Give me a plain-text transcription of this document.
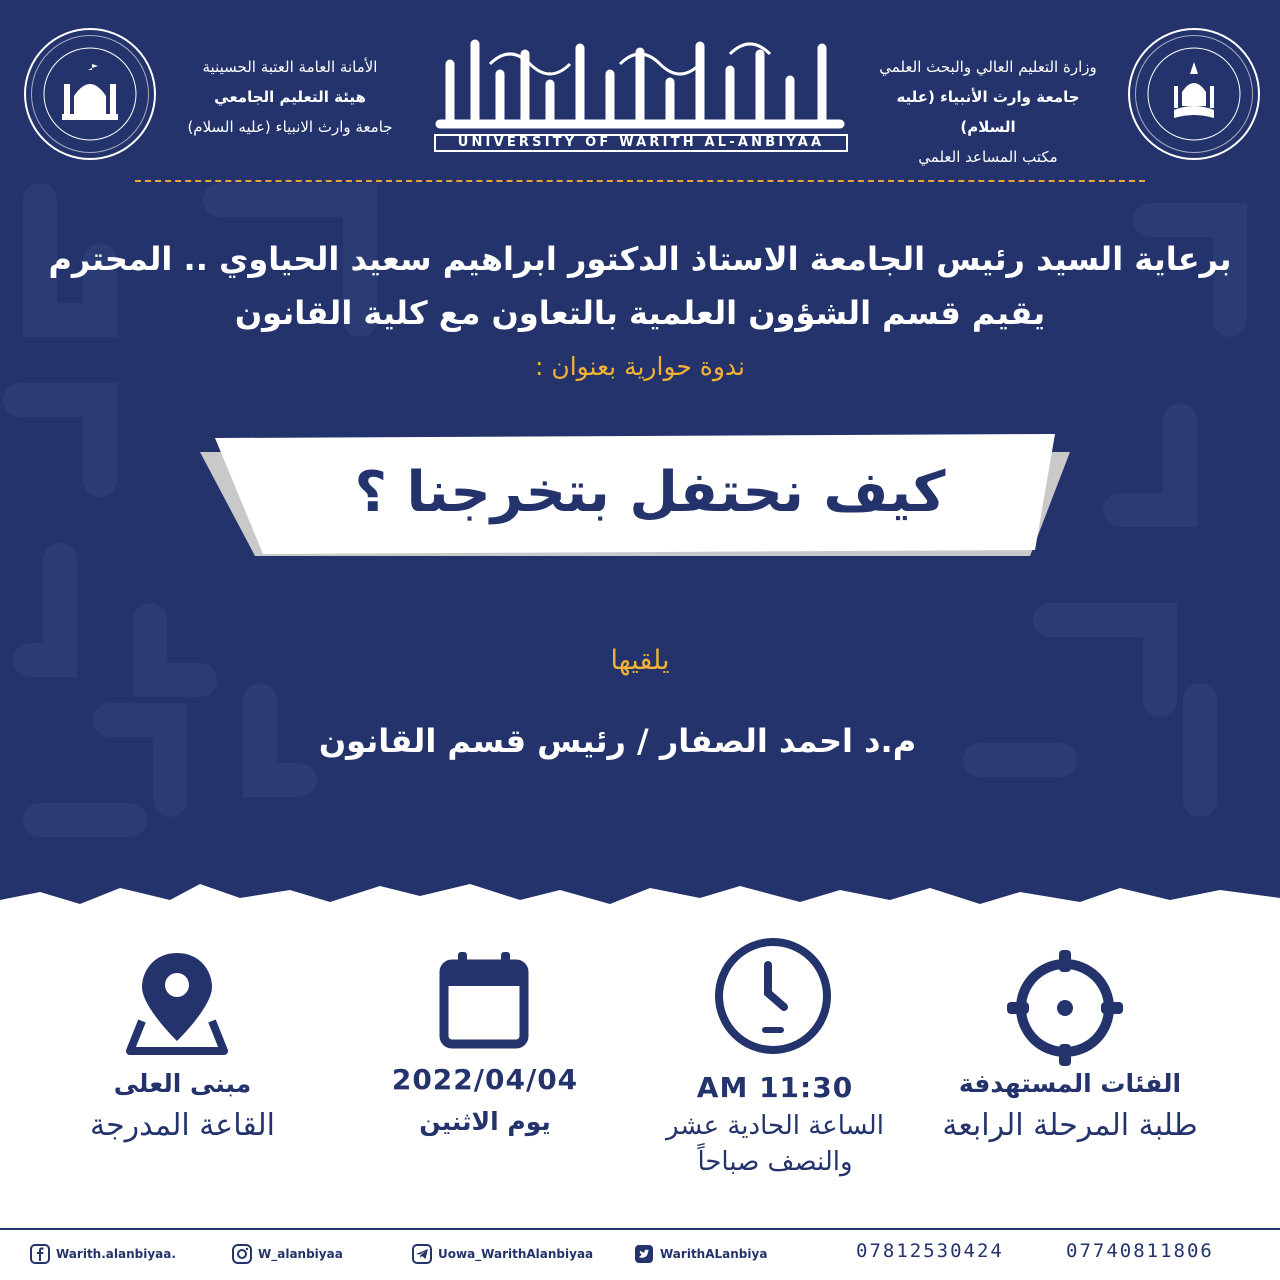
الأمانة العامة العتبة الحسينية
هيئة التعليم الجامعي
جامعة وارث الانبياء (عليه السلام)
وزارة التعليم العالي والبحث العلمي
جامعة وارث الأنبياء (عليه السلام)
مكتب المساعد العلمي
UNIVERSITY OF WARITH AL-ANBIYAA
برعاية السيد رئيس الجامعة الاستاذ الدكتور ابراهيم سعيد الحياوي .. المحترم
يقيم قسم الشؤون العلمية بالتعاون مع كلية القانون
ندوة حوارية بعنوان :
كيف نحتفل بتخرجنا ؟
يلقيها
م.د احمد الصفار / رئيس قسم القانون
مبنى العلى
القاعة المدرجة
2022/04/04
يوم الاثنين
11:30 AM
الساعة الحادية عشر
والنصف صباحاً
الفئات المستهدفة
طلبة المرحلة الرابعة
Warith.alanbiyaa.	W_alanbiyaa	Uowa_WarithAlanbiyaa	WarithALanbiya	07812530424	07740811806
